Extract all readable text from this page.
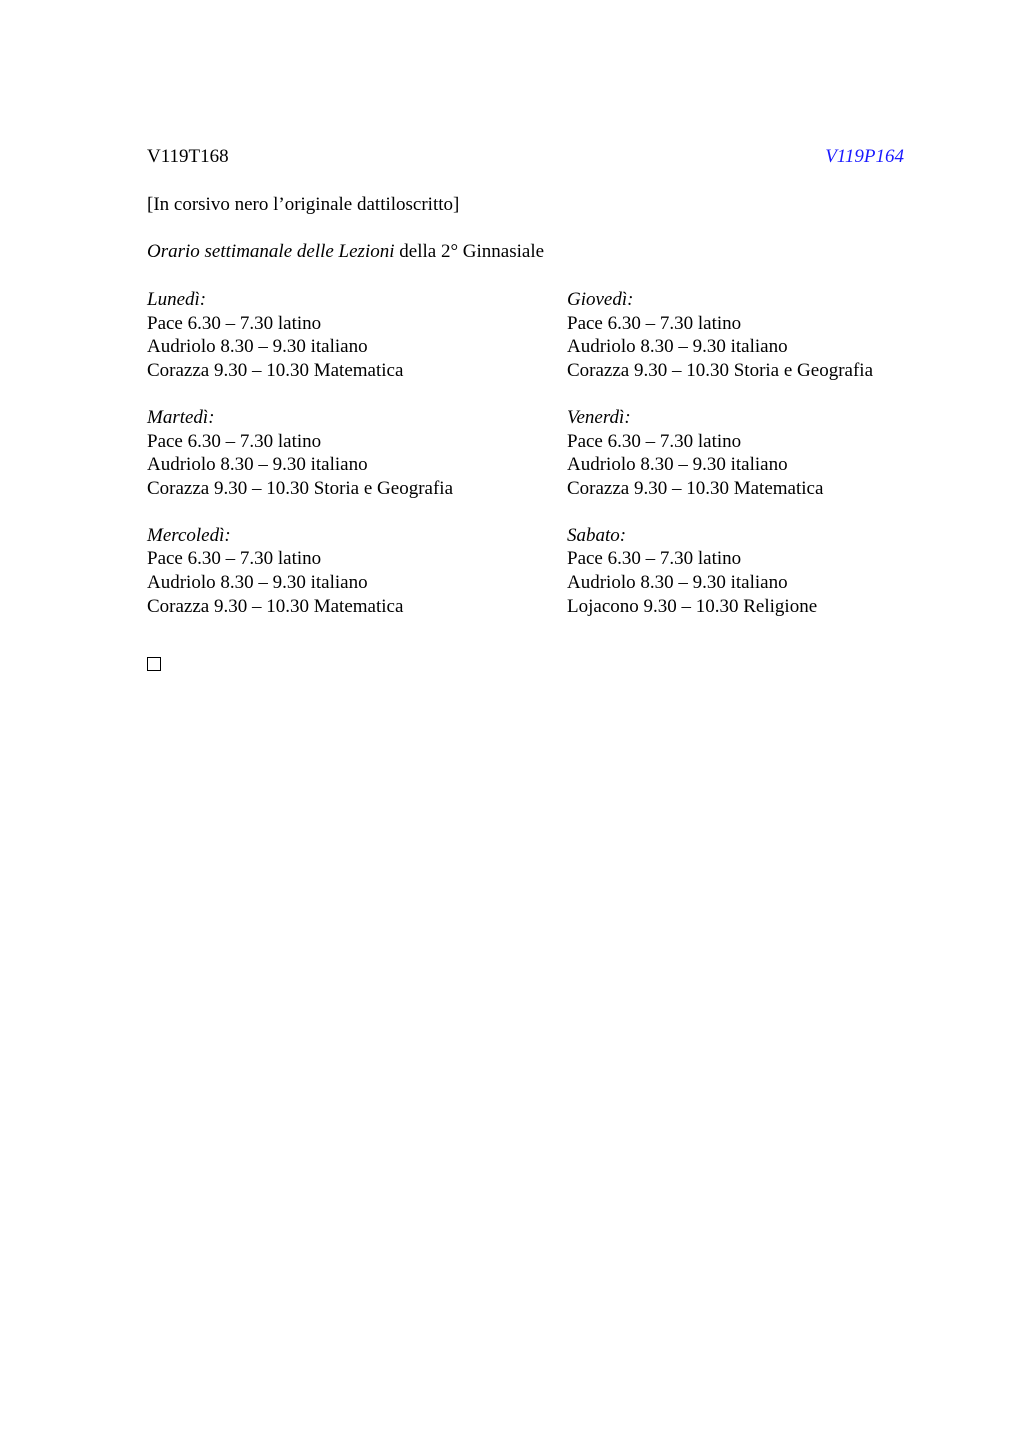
V119T168	V119P164
[In corsivo nero l’originale dattiloscritto]
Orario settimanale delle Lezioni della 2° Ginnasiale
Lunedì:
Pace 6.30 – 7.30 latino
Audriolo 8.30 – 9.30 italiano
Corazza 9.30 – 10.30 Matematica
Giovedì:
Pace 6.30 – 7.30 latino
Audriolo 8.30 – 9.30 italiano
Corazza 9.30 – 10.30 Storia e Geografia
Martedì:
Pace 6.30 – 7.30 latino
Audriolo 8.30 – 9.30 italiano
Corazza 9.30 – 10.30 Storia e Geografia
Venerdì:
Pace 6.30 – 7.30 latino
Audriolo 8.30 – 9.30 italiano
Corazza 9.30 – 10.30 Matematica
Mercoledì:
Pace 6.30 – 7.30 latino
Audriolo 8.30 – 9.30 italiano
Corazza 9.30 – 10.30 Matematica
Sabato:
Pace 6.30 – 7.30 latino
Audriolo 8.30 – 9.30 italiano
Lojacono 9.30 – 10.30 Religione
